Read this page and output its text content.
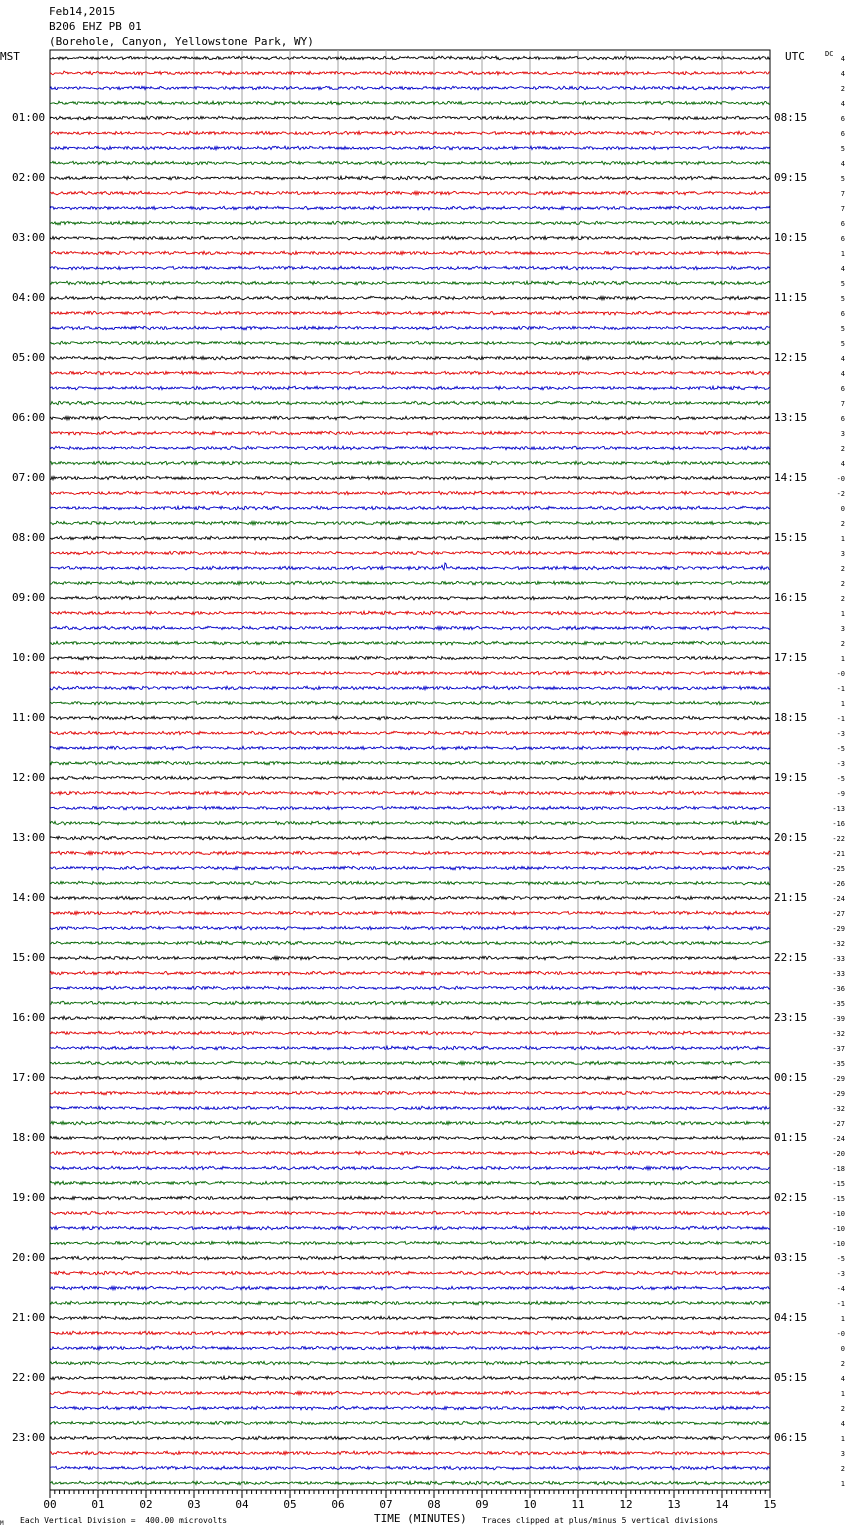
Feb14,2015
B206 EHZ PB 01
(Borehole, Canyon, Yellowstone Park, WY)
MST	UTC	DC
00	01	02	03	04	05	06	07	08	09	10	11	12	13	14	15
01:00
02:00
03:00
04:00
05:00
06:00
07:00
08:00
09:00
10:00
11:00
12:00
13:00
14:00
15:00
16:00
17:00
18:00
19:00
20:00
21:00
22:00
23:00
08:15
09:15
10:15
11:15
12:15
13:15
14:15
15:15
16:15
17:15
18:15
19:15
20:15
21:15
22:15
23:15
00:15
01:15
02:15
03:15
04:15
05:15
06:15
4
4
2
4
6
6
5
4
5
7
7
6
6
1
4
5
5
6
5
5
4
4
6
7
6
3
2
4
-0
-2
0
2
1
3
2
2
2
1
3
2
1
-0
-1
1
-1
-3
-5
-3
-5
-9
-13
-16
-22
-21
-25
-26
-24
-27
-29
-32
-33
-33
-36
-35
-39
-32
-37
-35
-29
-29
-32
-27
-24
-20
-18
-15
-15
-10
-10
-10
-5
-3
-4
-1
1
-0
0
2
4
1
2
4
1
3
2
1
M Each Vertical Division =  400.00 microvolts	TIME (MINUTES) Traces clipped at plus/minus 5 vertical divisions
